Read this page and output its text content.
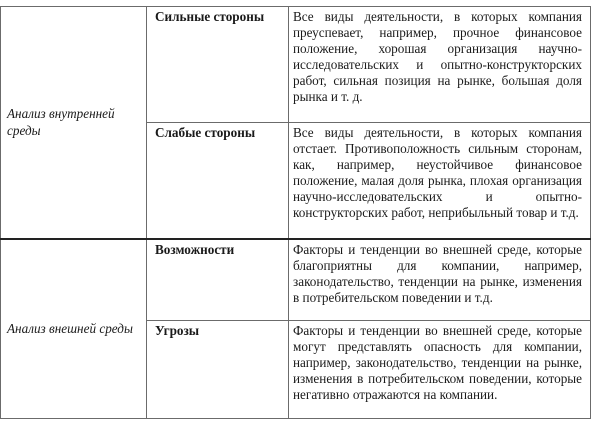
Анализ внутренней среды	Сильные стороны	Все виды деятельности, в которых компания преуспевает, например, прочное финансовое положение, хорошая организация научно-исследовательских и опытно-конструкторских работ, сильная позиция на рынке, большая доля рынка и т. д.
	Слабые стороны	Все виды деятельности, в которых компания отстает. Противоположность сильным сторонам, как, например, неустойчивое финансовое положение, малая доля рынка, плохая организация научно-исследовательских и опытно-конструкторских работ, неприбыльный товар и т.д.
Анализ внешней среды	Возможности	Факторы и тенденции во внешней среде, которые благоприятны для компании, например, законодательство, тенденции на рынке, изменения в потребительском поведении и т.д.
	Угрозы	Факторы и тенденции во внешней среде, которые могут представлять опасность для компании, например, законодательство, тенденции на рынке, изменения в потребительском поведении, которые негативно отражаются на компании.
